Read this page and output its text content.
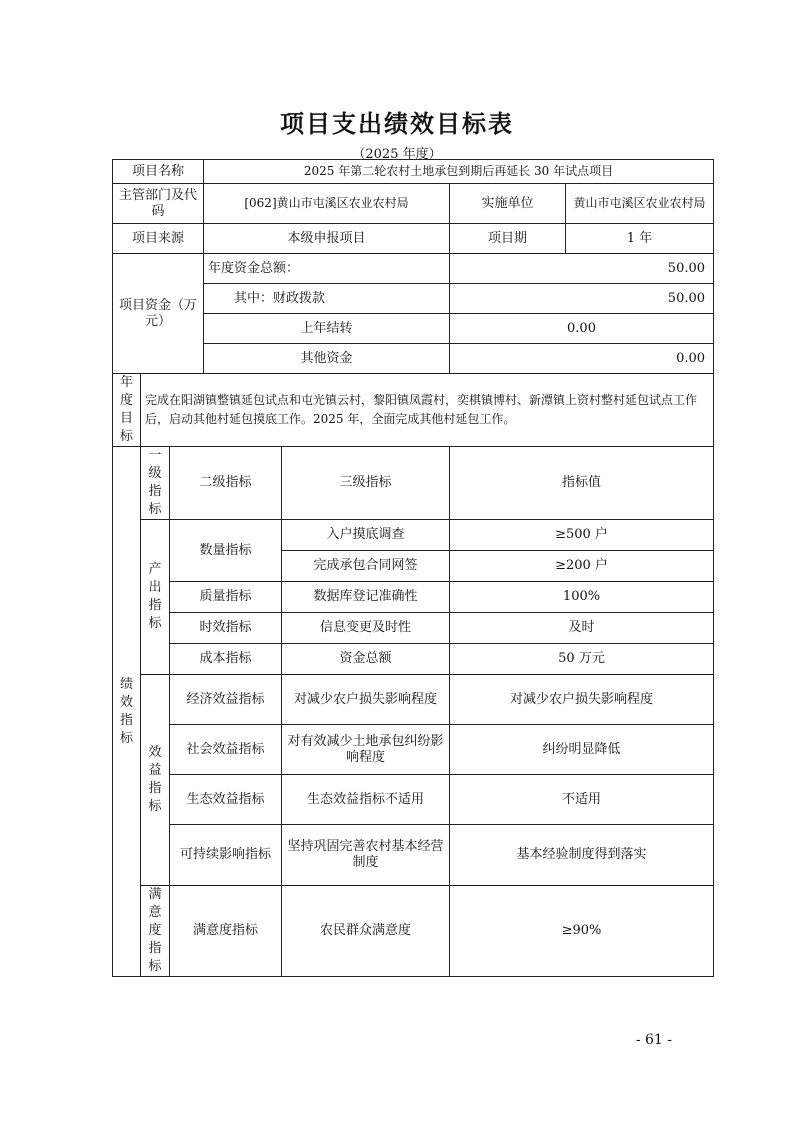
项目支出绩效目标表
（2025 年度）
项目名称			2025 年第二轮农村土地承包到期后再延长 30 年试点项目			
主管部门及代码			[062]黄山市屯溪区农业农村局		实施单位	黄山市屯溪区农业农村局
项目来源			本级申报项目		项目期	1 年
项目资金（万元）			年度资金总额：		50.00	
			其中：财政拨款		50.00	
			上年结转		0.00	
			其他资金		0.00	
年度目标	完成在阳湖镇整镇延包试点和屯光镇云村，黎阳镇凤霞村，奕棋镇博村、新潭镇上资村整村延包试点工作后，启动其他村延包摸底工作。2025 年，全面完成其他村延包工作。					
绩效指标	一级指标	二级指标		三级指标	指标值	
	产出指标	数量指标		入户摸底调查	≥500 户	
				完成承包合同网签	≥200 户	
		质量指标		数据库登记准确性	100%	
		时效指标		信息变更及时性	及时	
		成本指标		资金总额	50 万元	
	效益指标	经济效益指标		对减少农户损失影响程度	对减少农户损失影响程度	
		社会效益指标		对有效减少土地承包纠纷影响程度	纠纷明显降低	
		生态效益指标		生态效益指标不适用	不适用	
		可持续影响指标		坚持巩固完善农村基本经营制度	基本经验制度得到落实	
	满意度指标	满意度指标		农民群众满意度	≥90%	
- 61 -
